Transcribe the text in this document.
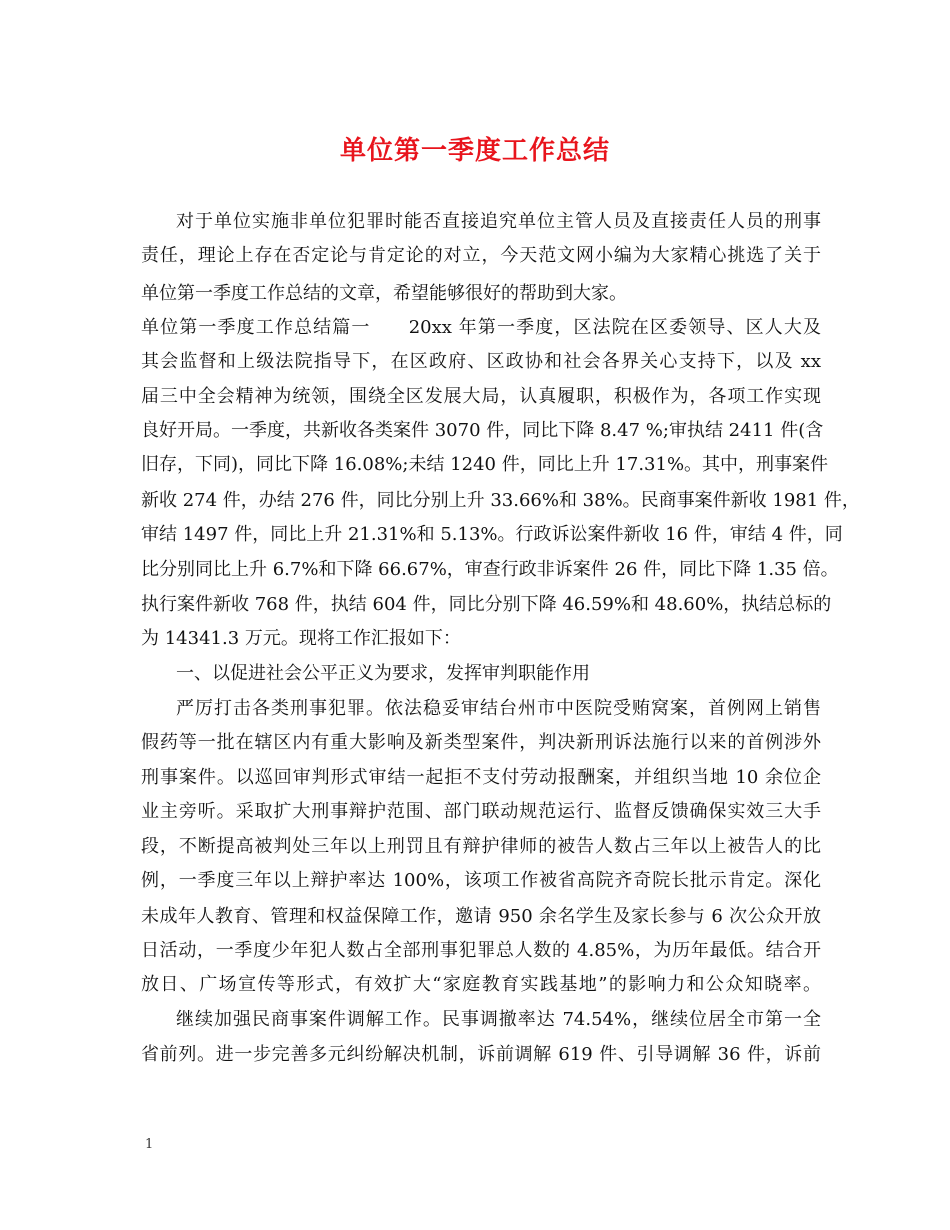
单位第一季度工作总结
对于单位实施非单位犯罪时能否直接追究单位主管人员及直接责任人员的刑事
责任，理论上存在否定论与肯定论的对立，今天范文网小编为大家精心挑选了关于
单位第一季度工作总结的文章，希望能够很好的帮助到大家。
单位第一季度工作总结篇一　　20xx 年第一季度，区法院在区委领导、区人大及
其会监督和上级法院指导下，在区政府、区政协和社会各界关心支持下，以及 xx
届三中全会精神为统领，围绕全区发展大局，认真履职，积极作为，各项工作实现
良好开局。一季度，共新收各类案件 3070 件，同比下降 8.47 %;审执结 2411 件(含
旧存，下同)，同比下降 16.08%;未结 1240 件，同比上升 17.31%。其中，刑事案件
新收 274 件，办结 276 件，同比分别上升 33.66%和 38%。民商事案件新收 1981 件，
审结 1497 件，同比上升 21.31%和 5.13%。行政诉讼案件新收 16 件，审结 4 件，同
比分别同比上升 6.7%和下降 66.67%，审查行政非诉案件 26 件，同比下降 1.35 倍。
执行案件新收 768 件，执结 604 件，同比分别下降 46.59%和 48.60%，执结总标的
为 14341.3 万元。现将工作汇报如下：
一、以促进社会公平正义为要求，发挥审判职能作用
严厉打击各类刑事犯罪。依法稳妥审结台州市中医院受贿窝案，首例网上销售
假药等一批在辖区内有重大影响及新类型案件，判决新刑诉法施行以来的首例涉外
刑事案件。以巡回审判形式审结一起拒不支付劳动报酬案，并组织当地 10 余位企
业主旁听。采取扩大刑事辩护范围、部门联动规范运行、监督反馈确保实效三大手
段，不断提高被判处三年以上刑罚且有辩护律师的被告人数占三年以上被告人的比
例，一季度三年以上辩护率达 100%，该项工作被省高院齐奇院长批示肯定。深化
未成年人教育、管理和权益保障工作，邀请 950 余名学生及家长参与 6 次公众开放
日活动，一季度少年犯人数占全部刑事犯罪总人数的 4.85%，为历年最低。结合开
放日、广场宣传等形式，有效扩大“家庭教育实践基地”的影响力和公众知晓率。
继续加强民商事案件调解工作。民事调撤率达 74.54%，继续位居全市第一全
省前列。进一步完善多元纠纷解决机制，诉前调解 619 件、引导调解 36 件，诉前
1
